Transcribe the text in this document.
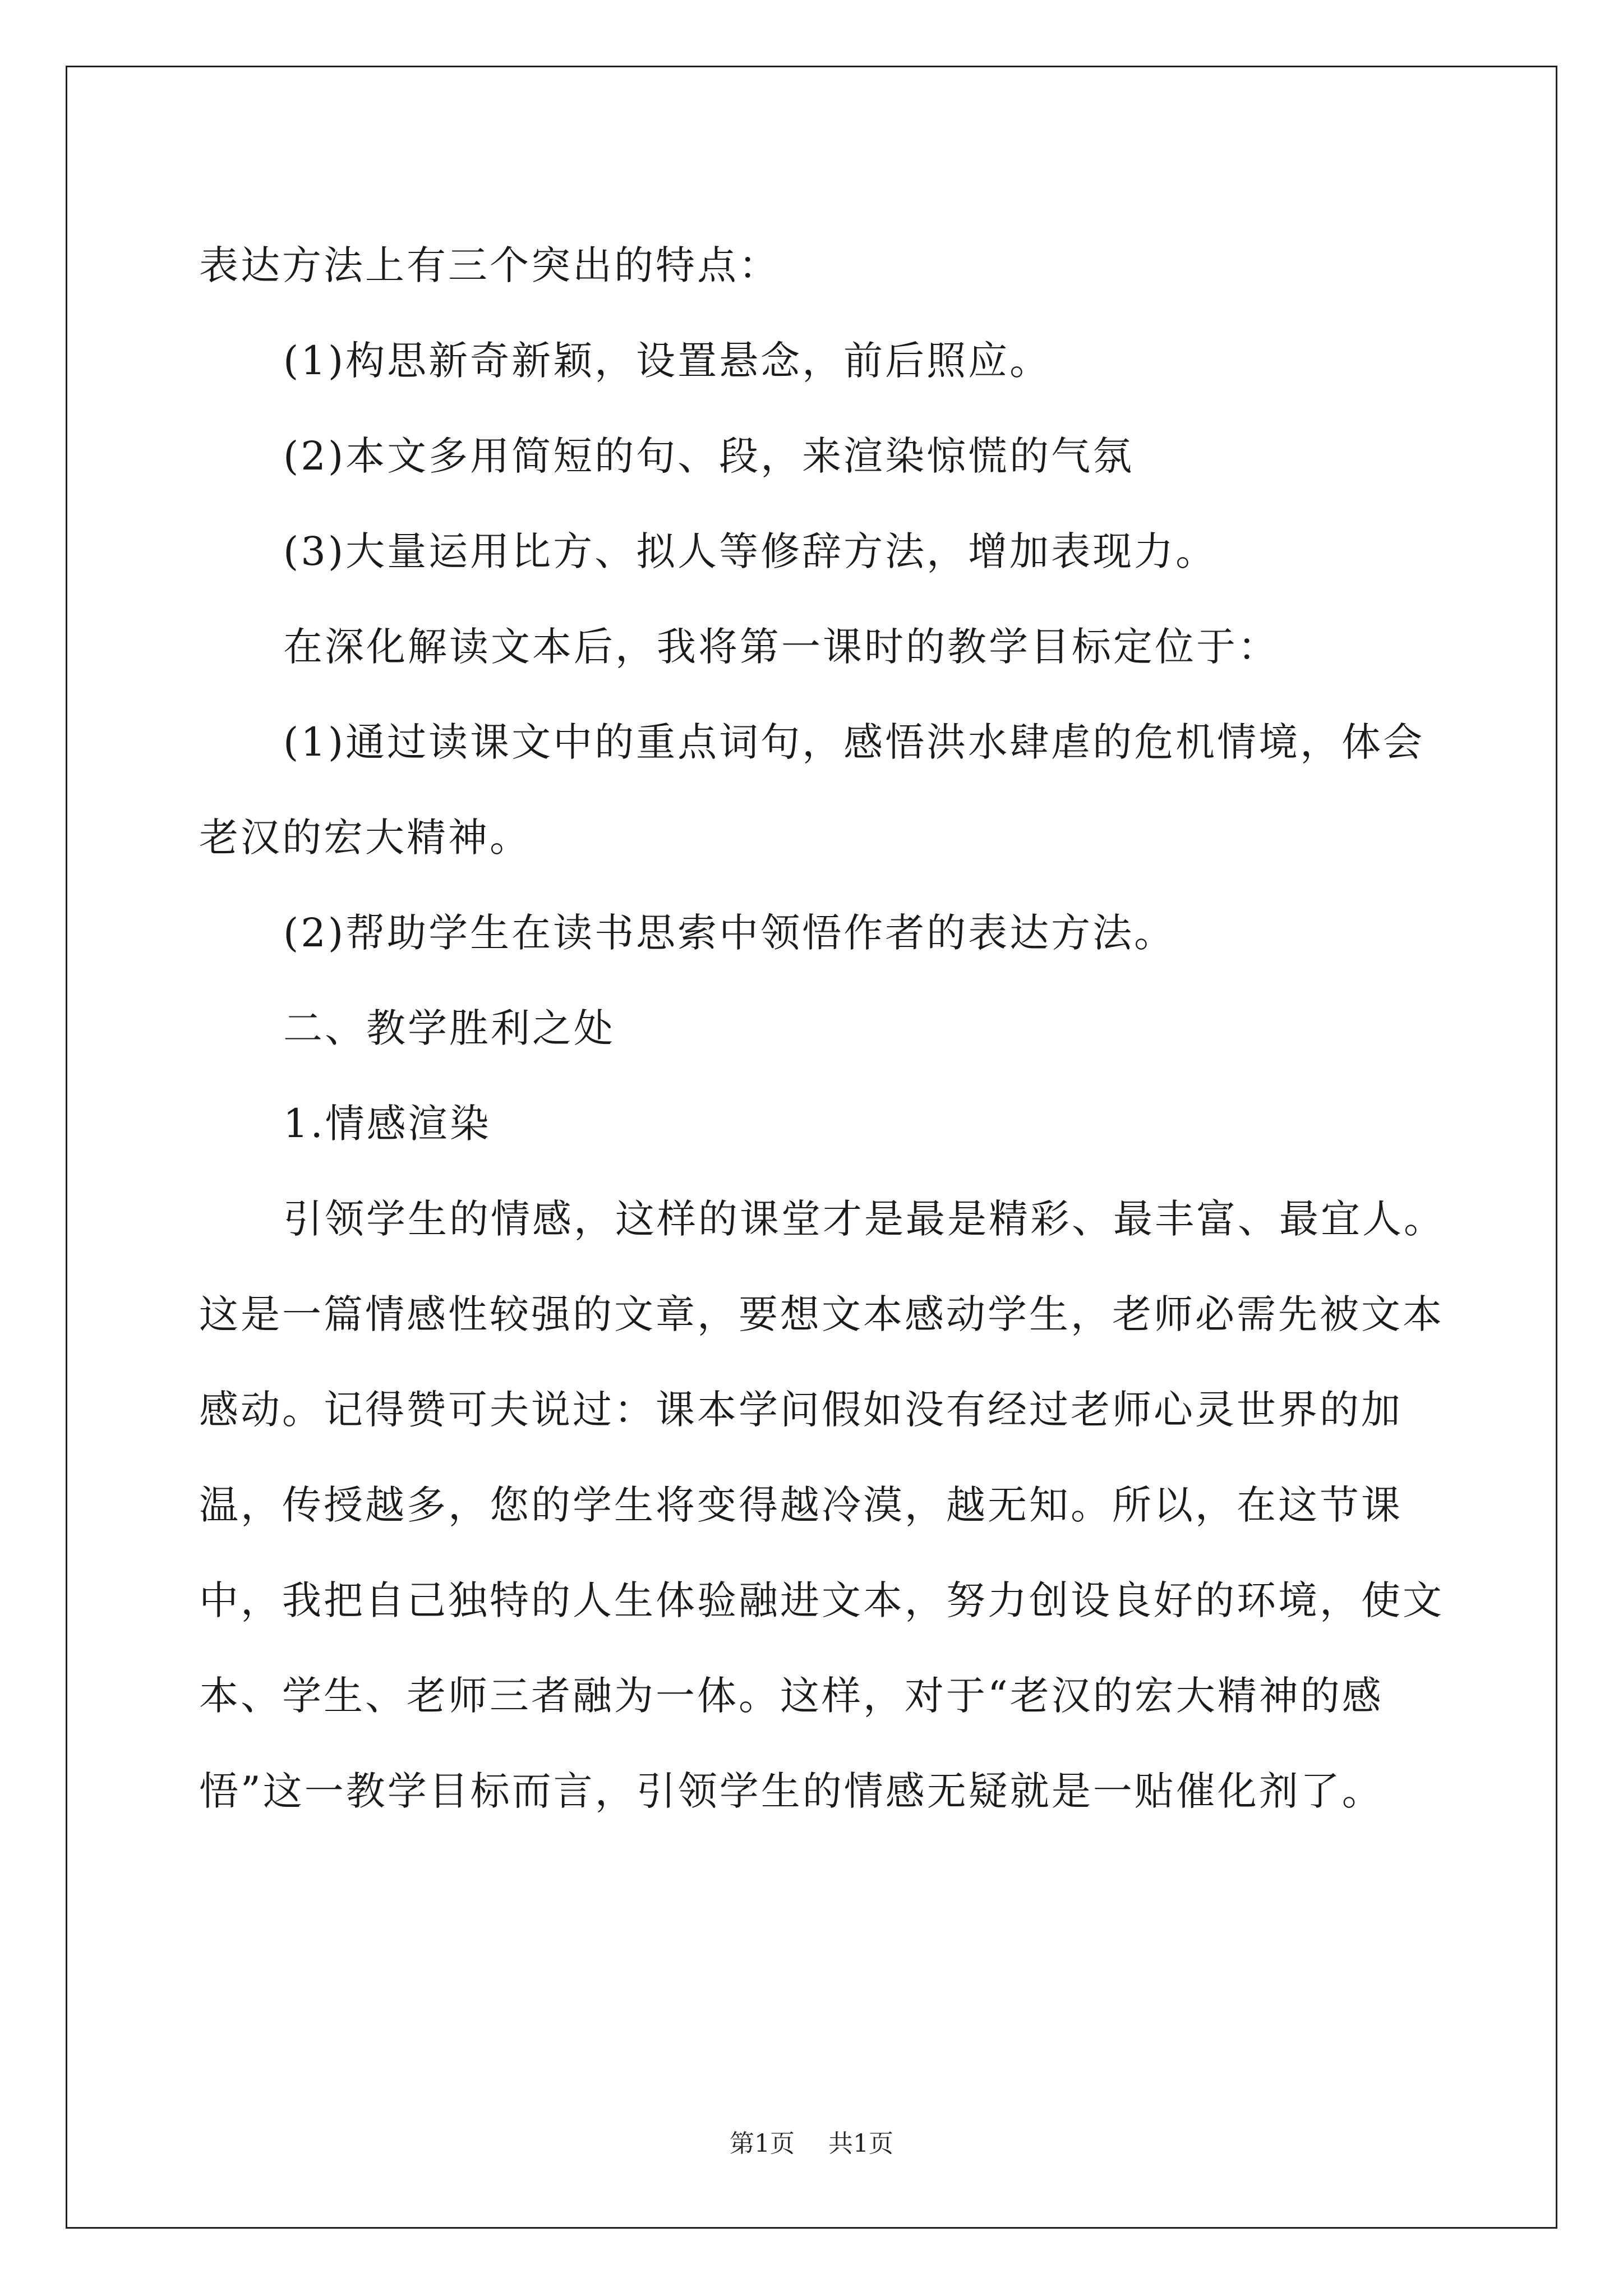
表达方法上有三个突出的特点：

(1)构思新奇新颖，设置悬念，前后照应。

(2)本文多用简短的句、段，来渲染惊慌的气氛

(3)大量运用比方、拟人等修辞方法，增加表现力。

在深化解读文本后，我将第一课时的教学目标定位于：

(1)通过读课文中的重点词句，感悟洪水肆虐的危机情境，体会老汉的宏大精神。

(2)帮助学生在读书思索中领悟作者的表达方法。

二、教学胜利之处

1.情感渲染

引领学生的情感，这样的课堂才是最是精彩、最丰富、最宜人。这是一篇情感性较强的文章，要想文本感动学生，老师必需先被文本感动。记得赞可夫说过：课本学问假如没有经过老师心灵世界的加温，传授越多，您的学生将变得越冷漠，越无知。所以，在这节课中，我把自己独特的人生体验融进文本，努力创设良好的环境，使文本、学生、老师三者融为一体。这样，对于“老汉的宏大精神的感悟”这一教学目标而言，引领学生的情感无疑就是一贴催化剂了。

第1页 共1页
